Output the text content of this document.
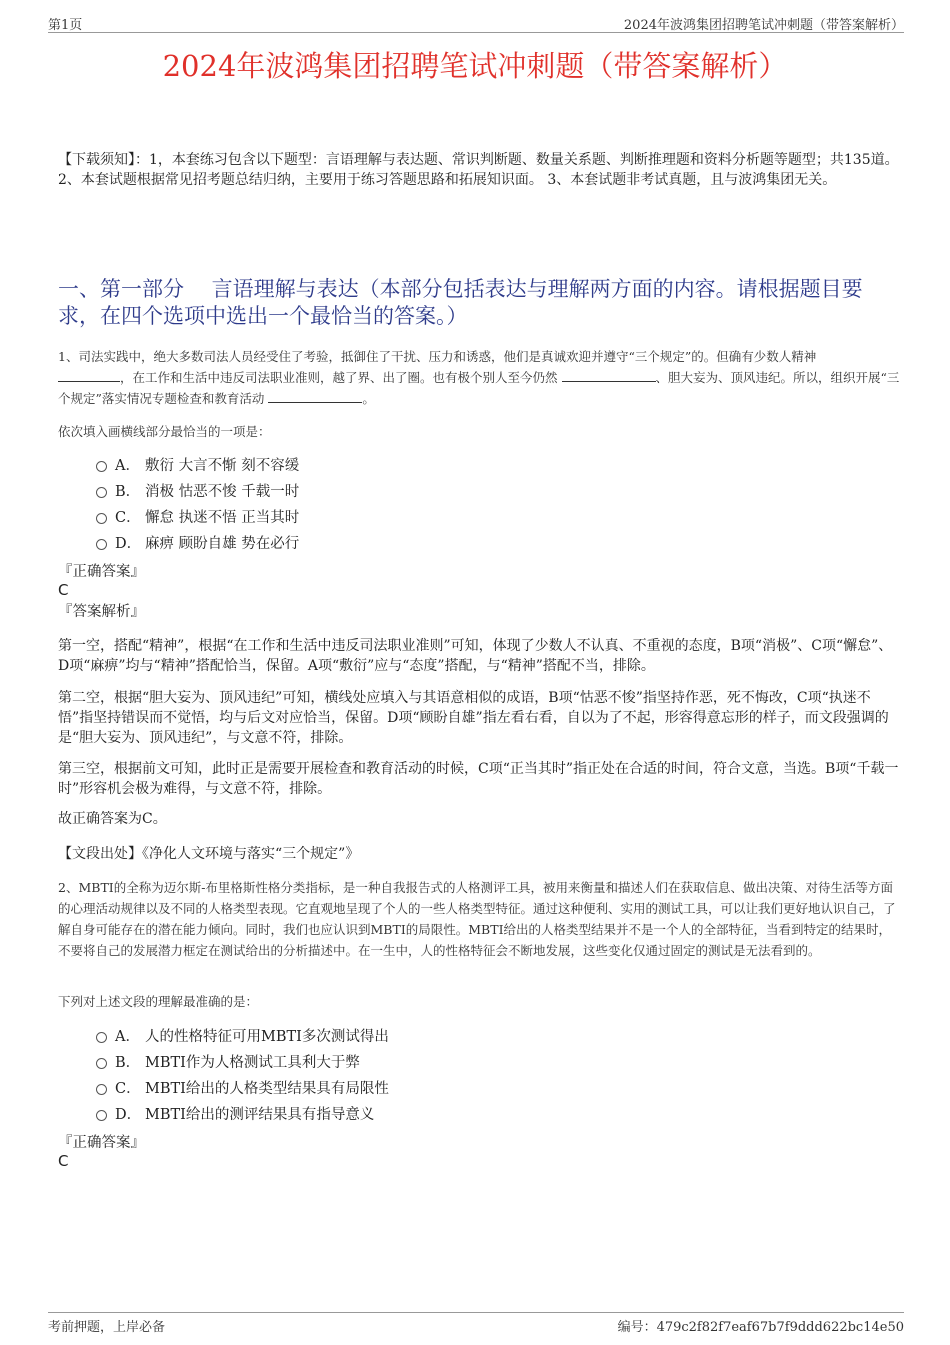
第1页	2024年波鸿集团招聘笔试冲刺题（带答案解析）
2024年波鸿集团招聘笔试冲刺题（带答案解析）
【下载须知】：1，本套练习包含以下题型：言语理解与表达题、常识判断题、数量关系题、判断推理题和资料分析题等题型；共135道。 2、本套试题根据常见招考题总结归纳，主要用于练习答题思路和拓展知识面。 3、本套试题非考试真题，且与波鸿集团无关。
一、第一部分　 言语理解与表达（本部分包括表达与理解两方面的内容。请根据题目要求，在四个选项中选出一个最恰当的答案。）
1、司法实践中，绝大多数司法人员经受住了考验，抵御住了干扰、压力和诱惑，他们是真诚欢迎并遵守“三个规定”的。但确有少数人精神
，在工作和生活中违反司法职业准则，越了界、出了圈。也有极个别人至今仍然	、胆大妄为、顶风违纪。所以，组织开展“三个规定”落实情况专题检查和教育活动	。
依次填入画横线部分最恰当的一项是：
A． 敷衍 大言不惭 刻不容缓
B． 消极 怙恶不悛 千载一时
C． 懈怠 执迷不悟 正当其时
D． 麻痹 顾盼自雄 势在必行
『正确答案』
C
『答案解析』
第一空，搭配“精神”，根据“在工作和生活中违反司法职业准则”可知，体现了少数人不认真、不重视的态度，B项“消极”、C项“懈怠”、D项“麻痹”均与“精神”搭配恰当，保留。A项“敷衍”应与“态度”搭配，与“精神”搭配不当，排除。
第二空，根据“胆大妄为、顶风违纪”可知，横线处应填入与其语意相似的成语，B项“怙恶不悛”指坚持作恶，死不悔改，C项“执迷不悟”指坚持错误而不觉悟，均与后文对应恰当，保留。D项“顾盼自雄”指左看右看，自以为了不起，形容得意忘形的样子，而文段强调的是“胆大妄为、顶风违纪”，与文意不符，排除。
第三空，根据前文可知，此时正是需要开展检查和教育活动的时候，C项“正当其时”指正处在合适的时间，符合文意，当选。B项“千载一时”形容机会极为难得，与文意不符，排除。
故正确答案为C。
【文段出处】《净化人文环境与落实“三个规定”》
2、MBTI的全称为迈尔斯-布里格斯性格分类指标，是一种自我报告式的人格测评工具，被用来衡量和描述人们在获取信息、做出决策、对待生活等方面的心理活动规律以及不同的人格类型表现。它直观地呈现了个人的一些人格类型特征。通过这种便利、实用的测试工具，可以让我们更好地认识自己，了解自身可能存在的潜在能力倾向。同时，我们也应认识到MBTI的局限性。MBTI给出的人格类型结果并不是一个人的全部特征，当看到特定的结果时，不要将自己的发展潜力框定在测试给出的分析描述中。在一生中，人的性格特征会不断地发展，这些变化仅通过固定的测试是无法看到的。
下列对上述文段的理解最准确的是：
A． 人的性格特征可用MBTI多次测试得出
B． MBTI作为人格测试工具利大于弊
C． MBTI给出的人格类型结果具有局限性
D． MBTI给出的测评结果具有指导意义
『正确答案』
C
考前押题，上岸必备	编号：479c2f82f7eaf67b7f9ddd622bc14e50
